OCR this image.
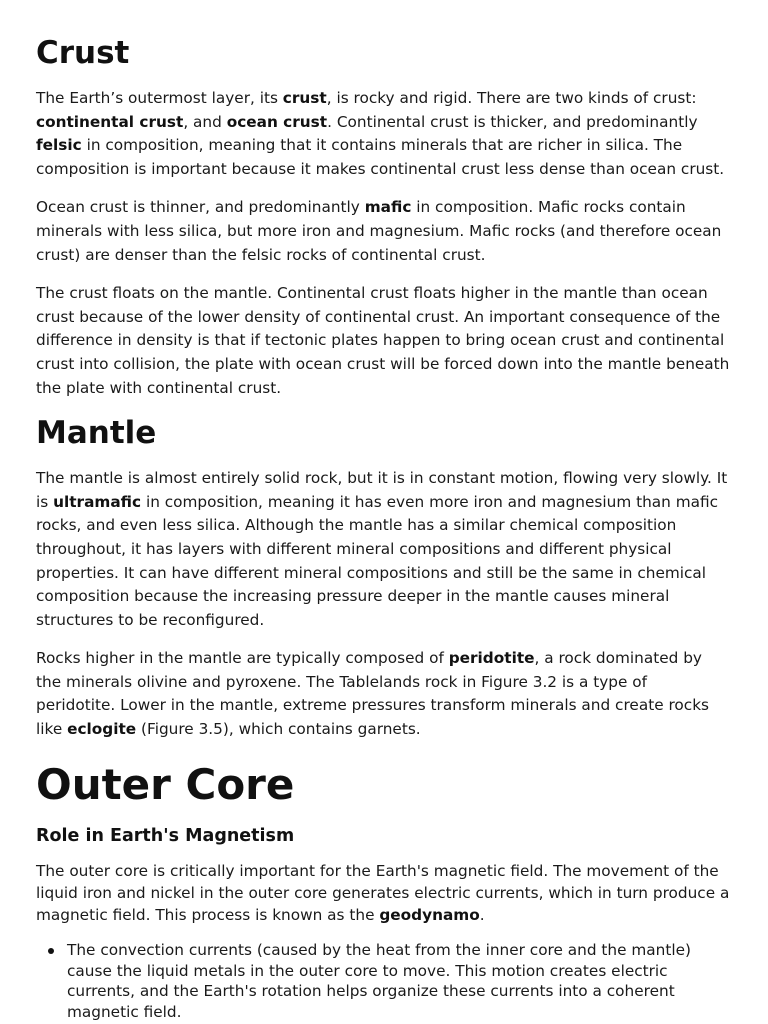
Crust

The Earth’s outermost layer, its crust, is rocky and rigid. There are two kinds of crust: continental crust, and ocean crust. Continental crust is thicker, and predominantly felsic in composition, meaning that it contains minerals that are richer in silica. The composition is important because it makes continental crust less dense than ocean crust.

Ocean crust is thinner, and predominantly mafic in composition. Mafic rocks contain minerals with less silica, but more iron and magnesium. Mafic rocks (and therefore ocean crust) are denser than the felsic rocks of continental crust.

The crust floats on the mantle. Continental crust floats higher in the mantle than ocean crust because of the lower density of continental crust. An important consequence of the difference in density is that if tectonic plates happen to bring ocean crust and continental crust into collision, the plate with ocean crust will be forced down into the mantle beneath the plate with continental crust.

Mantle

The mantle is almost entirely solid rock, but it is in constant motion, flowing very slowly. It is ultramafic in composition, meaning it has even more iron and magnesium than mafic rocks, and even less silica. Although the mantle has a similar chemical composition throughout, it has layers with different mineral compositions and different physical properties. It can have different mineral compositions and still be the same in chemical composition because the increasing pressure deeper in the mantle causes mineral structures to be reconfigured.

Rocks higher in the mantle are typically composed of peridotite, a rock dominated by the minerals olivine and pyroxene. The Tablelands rock in Figure 3.2 is a type of peridotite. Lower in the mantle, extreme pressures transform minerals and create rocks like eclogite (Figure 3.5), which contains garnets.

Outer Core
Role in Earth's Magnetism

The outer core is critically important for the Earth's magnetic field. The movement of the liquid iron and nickel in the outer core generates electric currents, which in turn produce a magnetic field. This process is known as the geodynamo.

The convection currents (caused by the heat from the inner core and the mantle) cause the liquid metals in the outer core to move. This motion creates electric currents, and the Earth's rotation helps organize these currents into a coherent magnetic field.
